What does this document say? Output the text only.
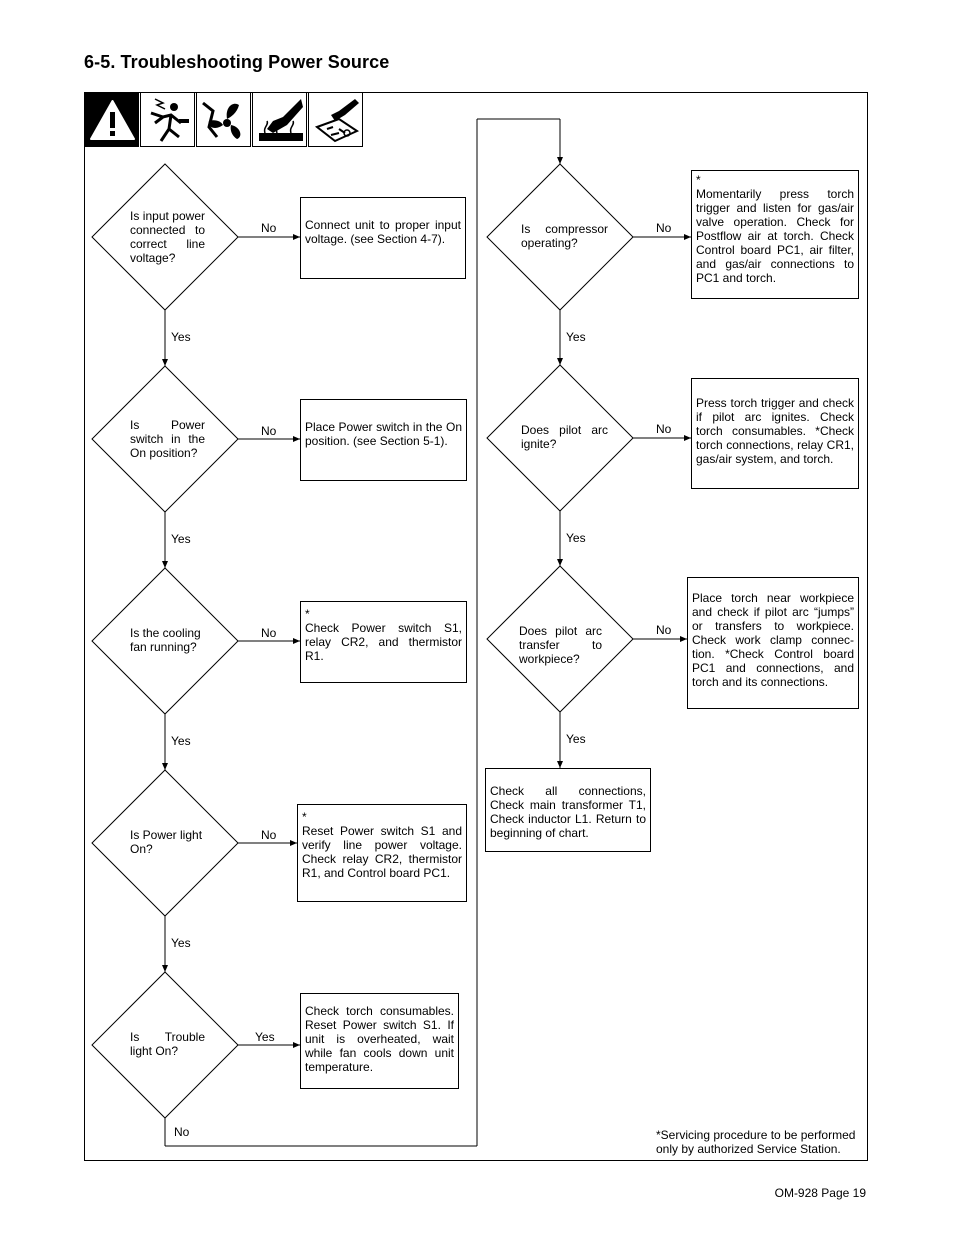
6-5. Troubleshooting Power Source
Is input power
connected to
correct line
voltage?
Is Power
switch in the
On position?
Is the cooling
fan running?
Is Power light
On?
Is Trouble
light On?
No
Yes
No
Yes
No
Yes
No
Yes
Yes
No
Connect unit to proper input voltage. (see Section 4-7).
Place Power switch in the On position. (see Section 5-1).
*
Check Power switch S1, relay CR2, and thermistor R1.
*
Reset Power switch S1 and verify line power voltage. Check relay CR2, thermistor R1, and Control board PC1.
Check torch consumables. Reset Power switch S1. If unit is overheated, wait while fan cools down unit temperature.
Is compressor
operating?
Does pilot arc
ignite?
Does pilot arc
transfer to
workpiece?
No
Yes
No
Yes
No
Yes
*
Momentarily press torch trigger and listen for gas/air valve operation. Check for Postflow air at torch. Check Control board PC1, air filter, and gas/air connections to PC1 and torch.
Press torch trigger and check if pilot arc ignites. Check torch consumables. *Check torch connections, relay CR1, gas/air system, and torch.
Place torch near workpiece and check if pilot arc “jumps” or transfers to workpiece. Check work clamp connec-tion. *Check Control board PC1 and connections, and torch and its connections.
Check all connections, Check main transformer T1, Check inductor L1. Return to beginning of chart.
*Servicing procedure to be performed only by authorized Service Station.
OM-928 Page 19
